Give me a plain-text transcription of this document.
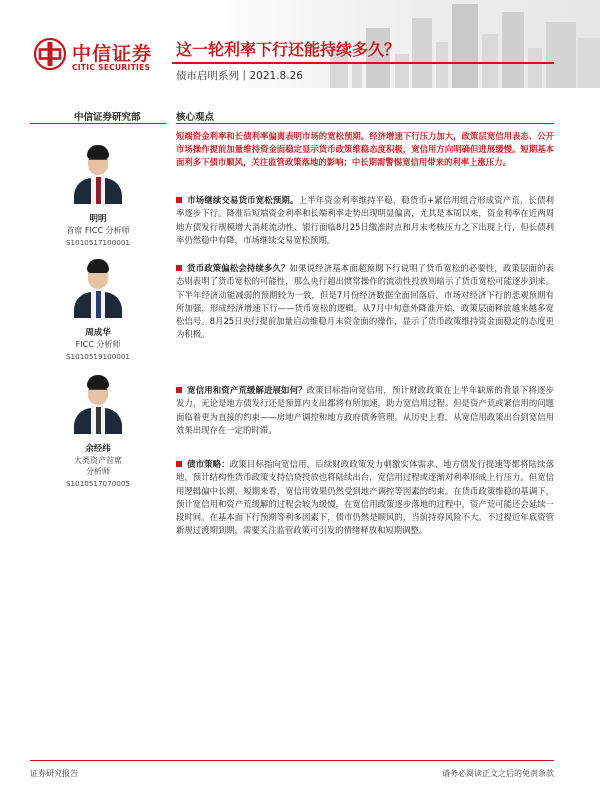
中信证券
CITIC SECURITIES
这一轮利率下行还能持续多久？
债市启明系列丨2021.8.26
中信证券研究部	核心观点
明明
首席 FICC 分析师
S1010517100001
周成华
FICC 分析师
S1010519100001
余经纬
大类资产首席
分析师
S1010517070005
短端资金利率和长债利率偏离表明市场的宽松预期。经济增速下行压力加大，政策层宽信用表态、公开市场操作提前加量维持资金面稳定显示货币政策维稳态度积极，宽信用方向明确但进展缓慢。短期基本面利多下债市顺风，关注监管政策落地的影响；中长期需警惕宽信用带来的利率上涨压力。
市场继续交易货币宽松预期。上半年资金利率维持平稳，稳货币+紧信用组合形成资产荒，长债利率逐步下行。降准后短端资金利率和长端利率走势出现明显偏离，尤其是本周以来，资金利率在近两周地方债发行规模增大消耗流动性、银行面临8月25日缴准时点和月末考核压力之下出现上行，但长债利率仍然稳中有降，市场继续交易宽松预期。
货币政策偏松会持续多久？如果说经济基本面超预期下行说明了货币宽松的必要性，政策层面的表态则表明了货币宽松的可能性，那么央行超出惯常操作的流动性投放则暗示了货币宽松可能逐步到来。下半年经济动能减弱的预期较为一致，但是7月份经济数据全面回落后，市场对经济下行的悲观预期有所加强，形成经济增速下行——货币宽松的逻辑。从7月中旬意外降准开始，政策层面释放越来越多宽松信号。8月25日央行提前加量启动维稳月末资金面的操作，显示了货币政策维持资金面稳定的态度更为积极。
宽信用和资产荒缓解进展如何？政策目标指向宽信用，预计财政政策在上半年缺席的背景下将逐步发力，无论是地方债发行还是预算内支出都将有所加速，助力宽信用过程。但是资产荒或紧信用的问题面临着更为直接的约束——房地产调控和地方政府债务管理。从历史上看，从宽信用政策出台到宽信用效果出现存在一定的时滞。
债市策略：政策目标指向宽信用，后续财政政策发力刺激实体需求、地方债发行提速等都将陆续落地，预计结构性货币政策支持信贷投放也将陆续出台，宽信用过程或逐渐对利率形成上行压力。但宽信用逻辑偏中长期，短期来看，宽信用效果仍然受到地产调控等因素的约束。在货币政策维稳的基调下，预计宽信用和资产荒缓解的过程会较为缓慢，在宽信用政策逐步落地的过程中，资产荒可能还会延续一段时间。在基本面下行预期等利多因素下，债市仍然是顺风的，当前持券风险不大。不过提近年底资管新规过渡期到期，需要关注监管政策可引发的情绪释放和短期调整。
证券研究报告	请务必阅读正文之后的免责条款
